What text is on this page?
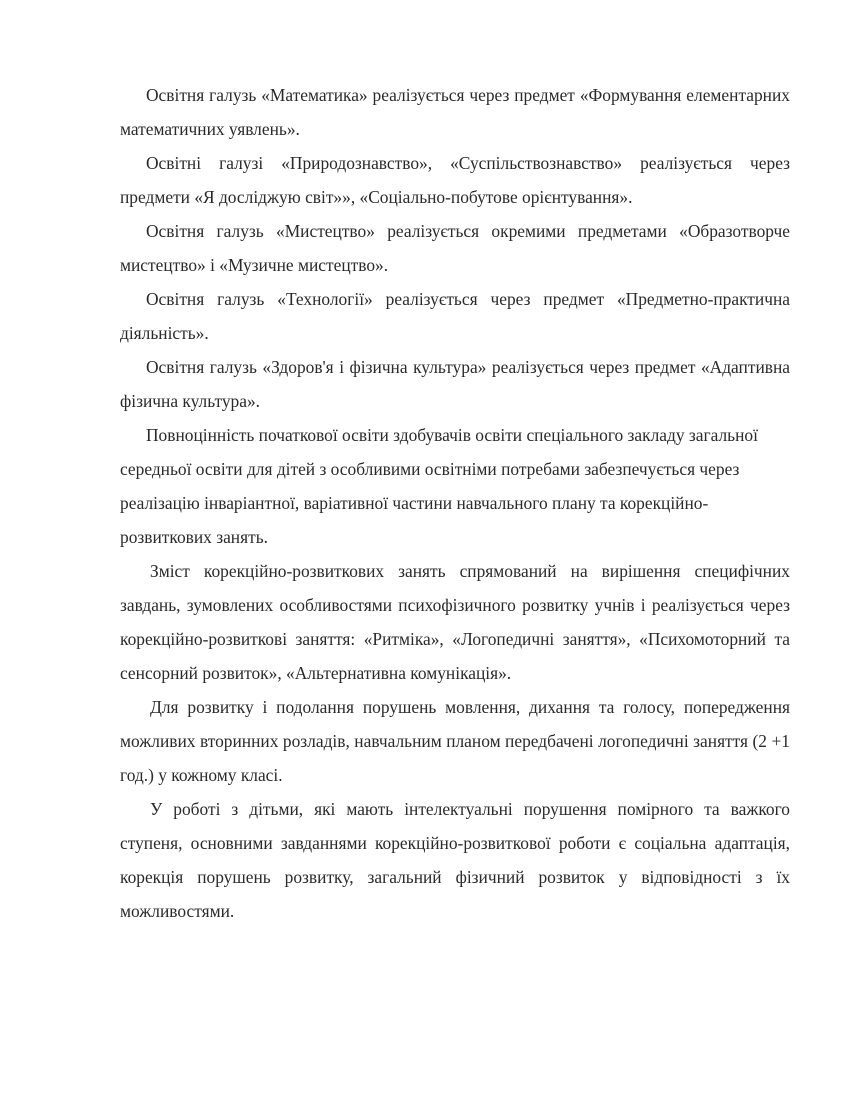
Освітня галузь «Математика» реалізується через предмет «Формування елементарних математичних уявлень».

Освітні галузі «Природознавство», «Суспільствознавство» реалізується через предмети «Я досліджую світ»», «Соціально-побутове орієнтування».

Освітня галузь «Мистецтво» реалізується окремими предметами «Образотворче мистецтво» і «Музичне мистецтво».

Освітня галузь «Технології» реалізується через предмет «Предметно-практична діяльність».

Освітня галузь «Здоров'я і фізична культура» реалізується через предмет «Адаптивна фізична культура».

Повноцінність початкової освіти здобувачів освіти спеціального закладу загальної середньої освіти для дітей з особливими освітніми потребами забезпечується через реалізацію інваріантної, варіативної частини навчального плану та корекційно-розвиткових занять.

Зміст корекційно-розвиткових занять спрямований на вирішення специфічних завдань, зумовлених особливостями психофізичного розвитку учнів і реалізується через корекційно-розвиткові заняття: «Ритміка», «Логопедичні заняття», «Психомоторний та сенсорний розвиток», «Альтернативна комунікація».

Для розвитку і подолання порушень мовлення, дихання та голосу, попередження можливих вторинних розладів, навчальним планом передбачені логопедичні заняття (2 +1 год.) у кожному класі.

У роботі з дітьми, які мають інтелектуальні порушення помірного та важкого ступеня, основними завданнями корекційно-розвиткової роботи є соціальна адаптація, корекція порушень розвитку, загальний фізичний розвиток у відповідності з їх можливостями.
